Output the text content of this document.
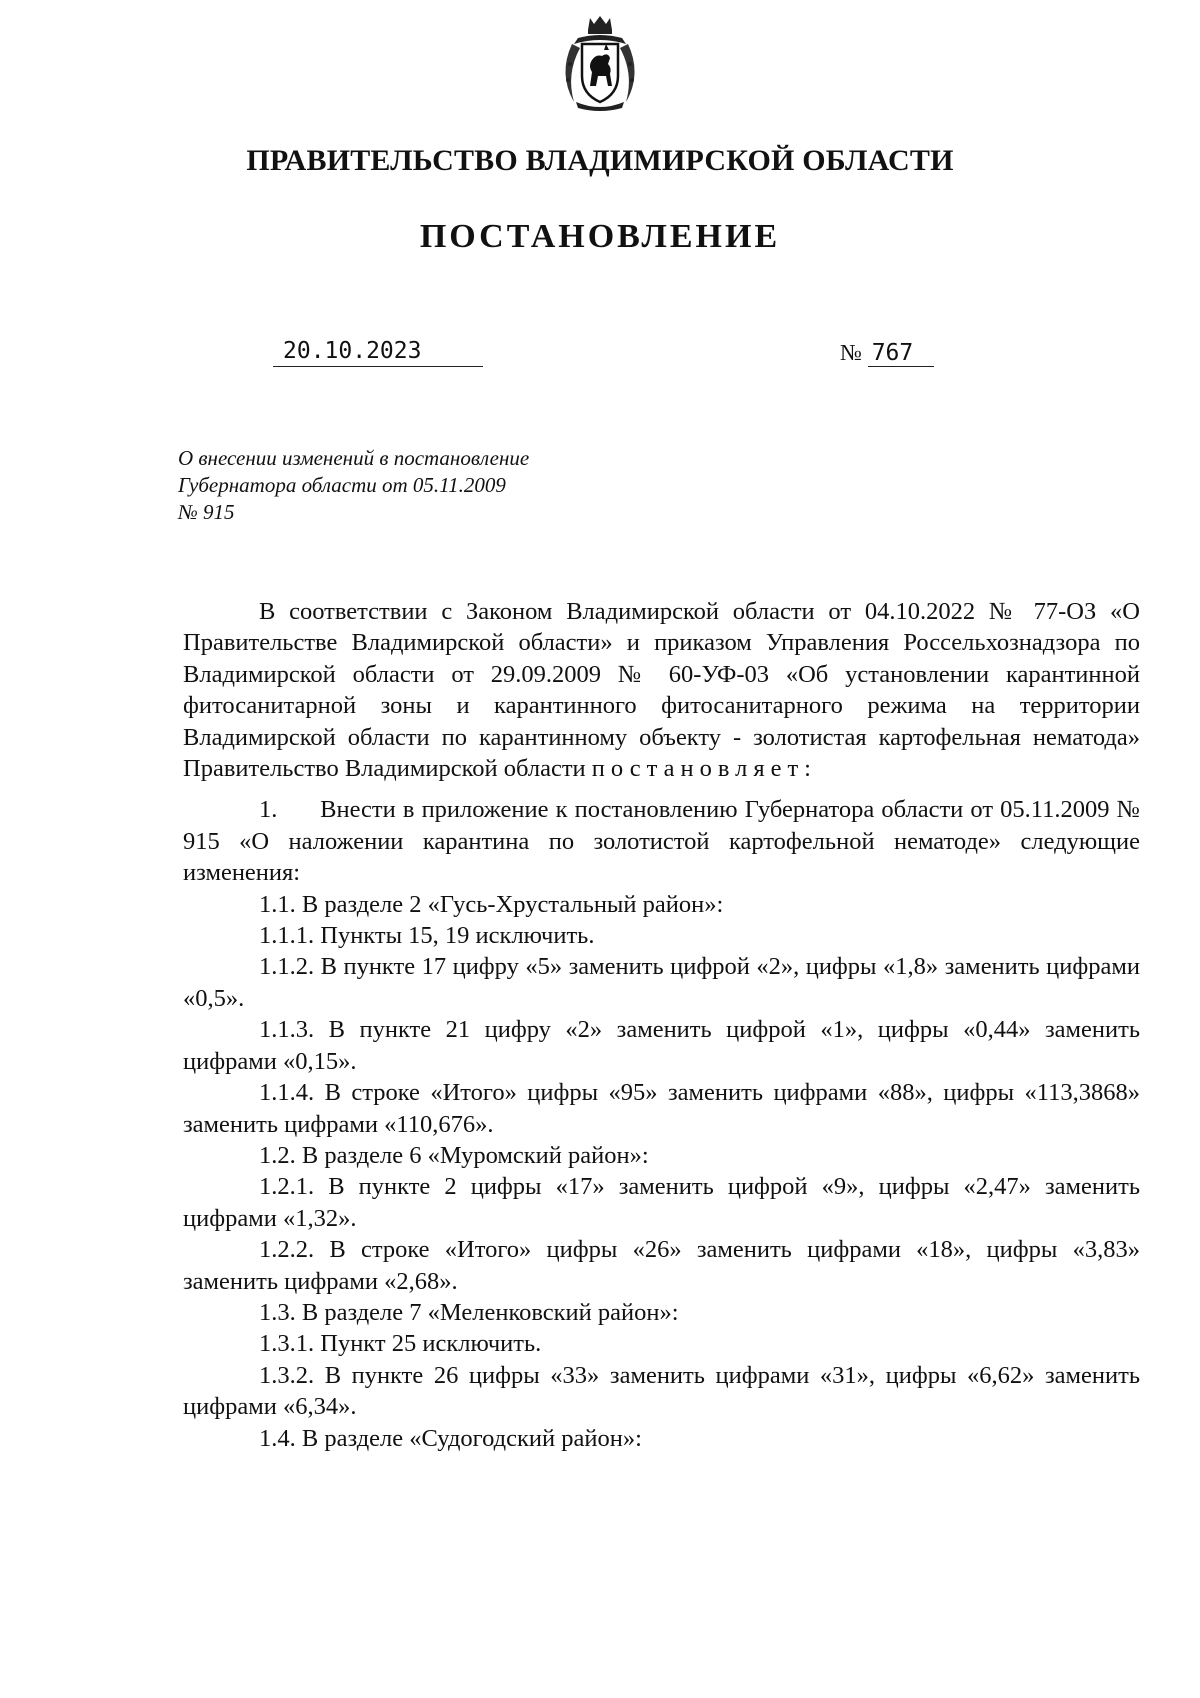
ПРАВИТЕЛЬСТВО ВЛАДИМИРСКОЙ ОБЛАСТИ
ПОСТАНОВЛЕНИЕ
20.10.2023	№ 767
О внесении изменений в постановление
Губернатора области от 05.11.2009
№ 915

В соответствии с Законом Владимирской области от 04.10.2022 № 77-ОЗ «О Правительстве Владимирской области» и приказом Управления Россельхознадзора по Владимирской области от 29.09.2009 № 60-УФ-03 «Об установлении карантинной фитосанитарной зоны и карантинного фитосанитарного режима на территории Владимирской области по карантинному объекту - золотистая картофельная нематода» Правительство Владимирской области постановляет:

1.      Внести в приложение к постановлению Губернатора области от 05.11.2009 № 915 «О наложении карантина по золотистой картофельной нематоде» следующие изменения:

1.1. В разделе 2 «Гусь-Хрустальный район»:

1.1.1. Пункты 15, 19 исключить.

1.1.2. В пункте 17 цифру «5» заменить цифрой «2», цифры «1,8» заменить цифрами «0,5».

1.1.3. В пункте 21 цифру «2» заменить цифрой «1», цифры «0,44» заменить цифрами «0,15».

1.1.4. В строке «Итого» цифры «95» заменить цифрами «88», цифры «113,3868» заменить цифрами «110,676».

1.2. В разделе 6 «Муромский район»:

1.2.1. В пункте 2 цифры «17» заменить цифрой «9», цифры «2,47» заменить цифрами «1,32».

1.2.2. В строке «Итого» цифры «26» заменить цифрами «18», цифры «3,83» заменить цифрами «2,68».

1.3. В разделе 7 «Меленковский район»:

1.3.1. Пункт 25 исключить.

1.3.2. В пункте 26 цифры «33» заменить цифрами «31», цифры «6,62» заменить цифрами «6,34».

1.4. В разделе «Судогодский район»:
